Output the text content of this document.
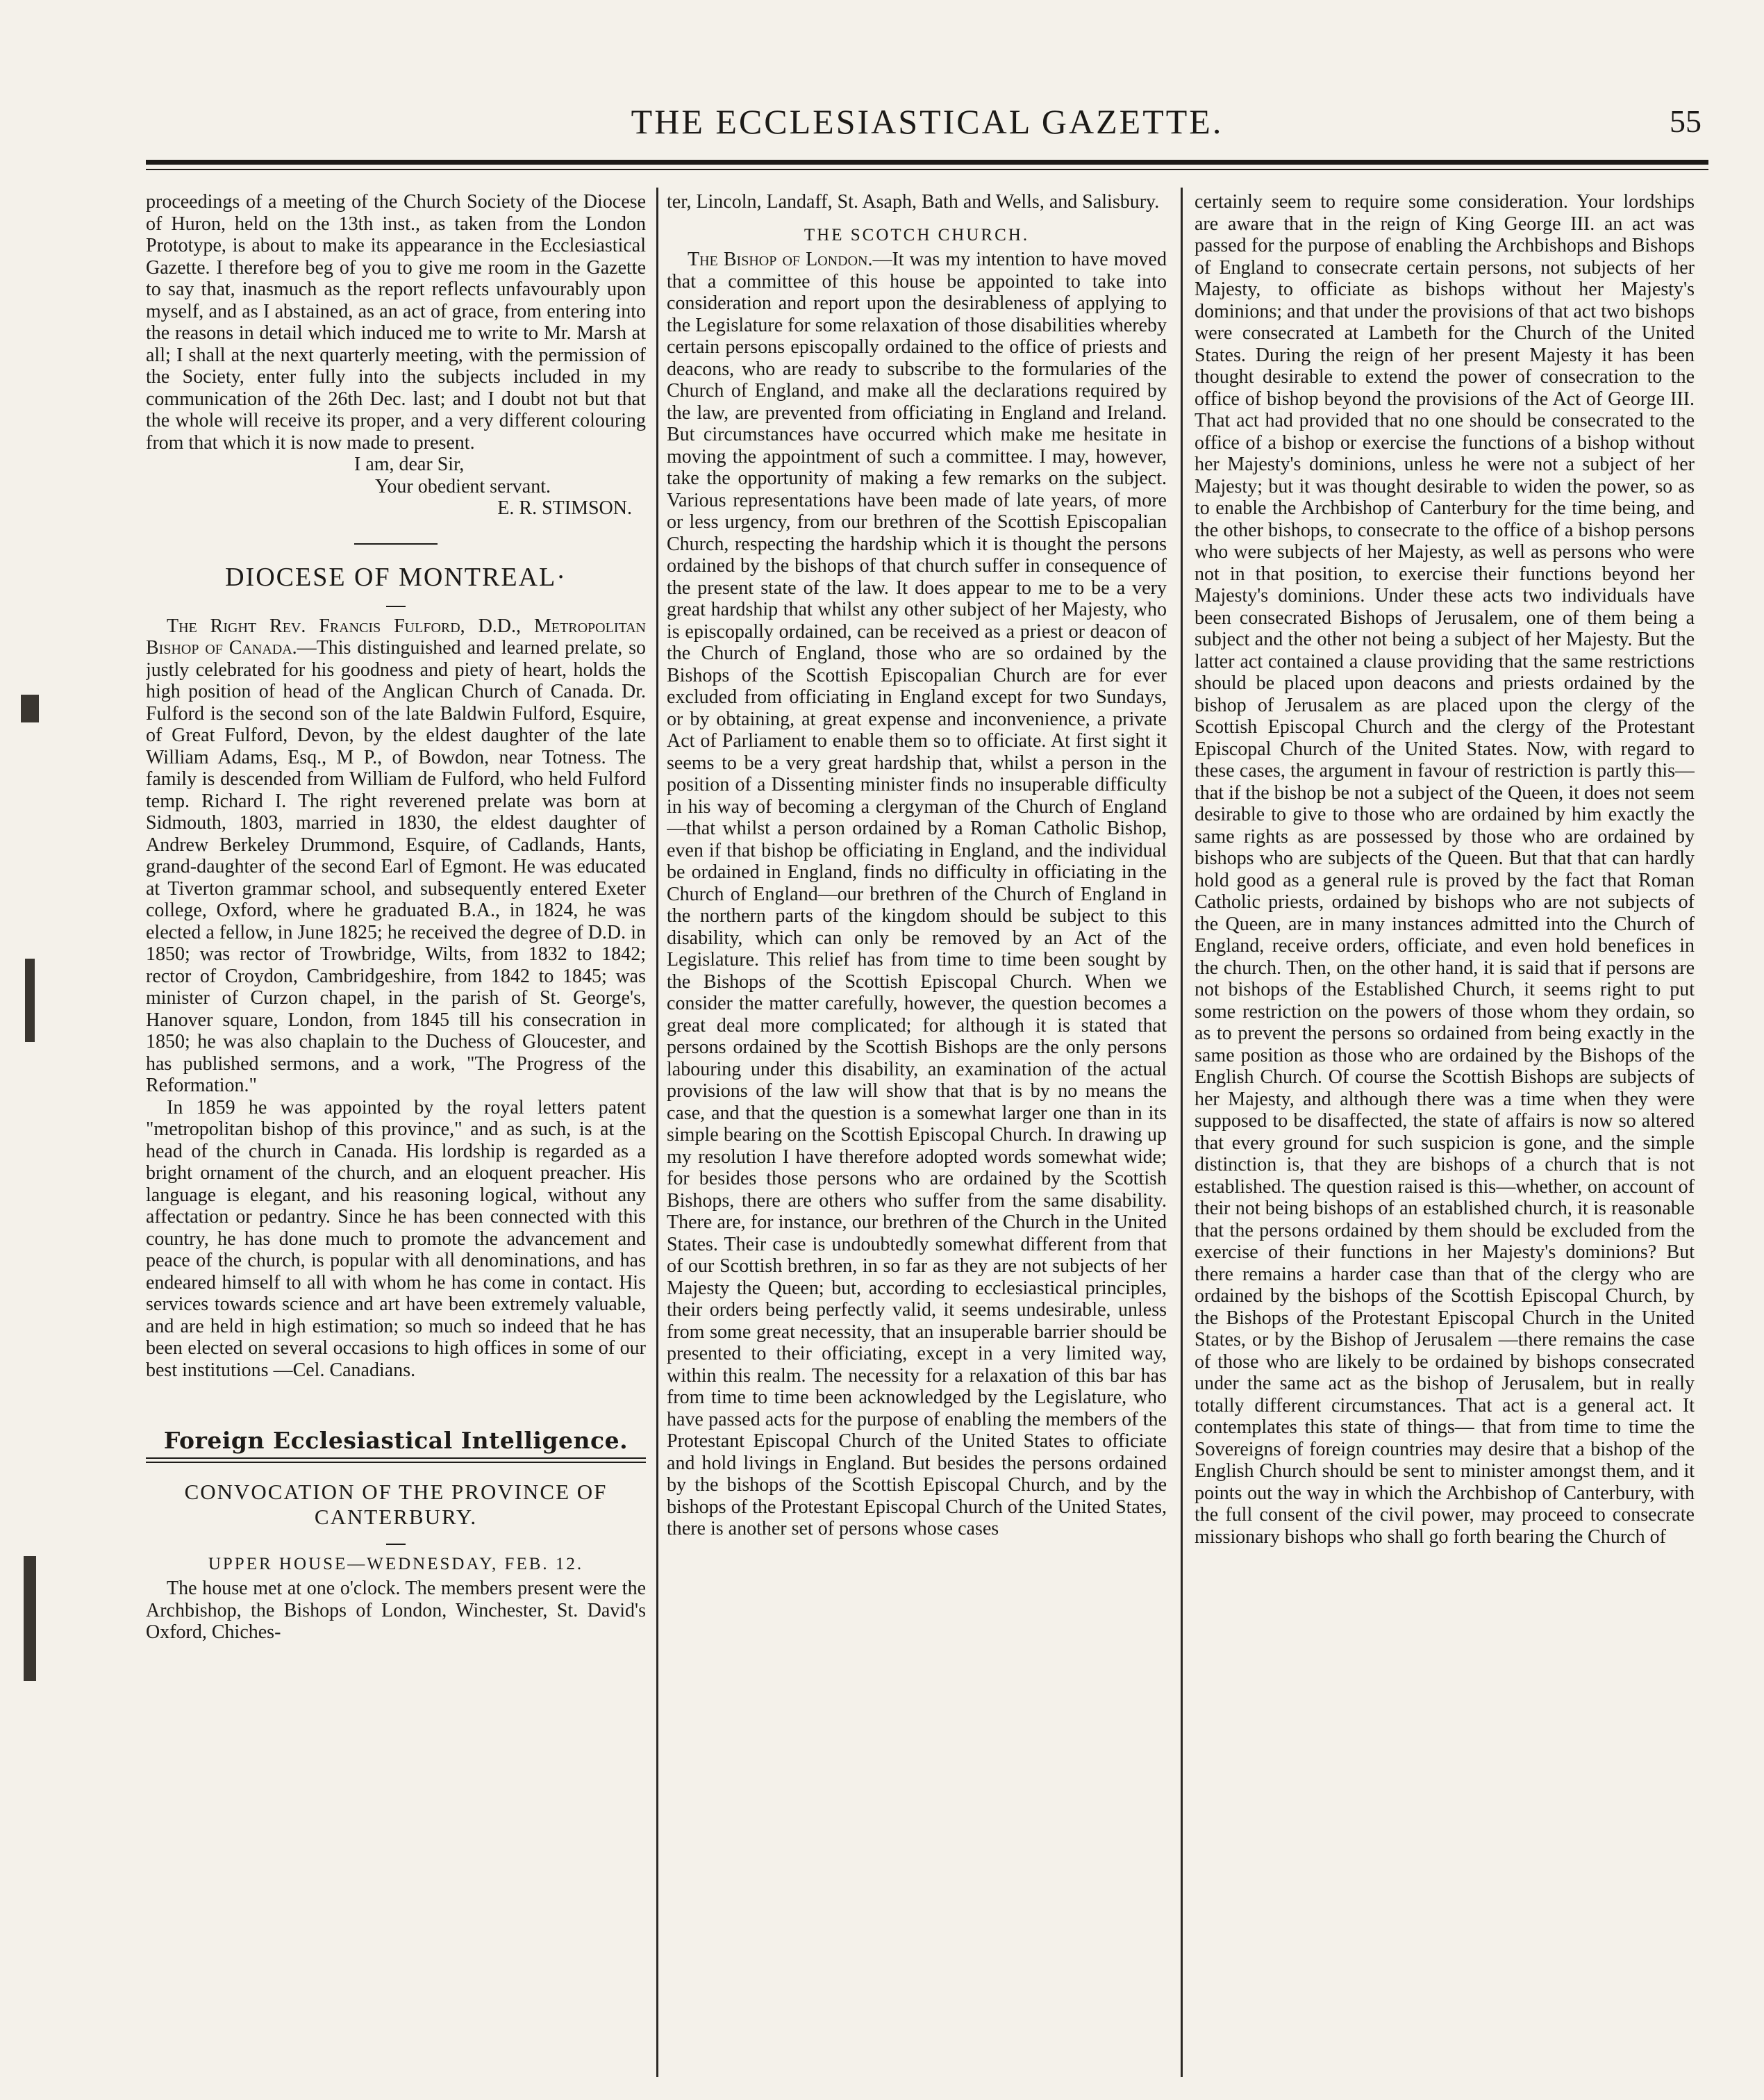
THE ECCLESIASTICAL GAZETTE.	55

proceedings of a meeting of the Church Society of the Diocese of Huron, held on the 13th inst., as taken from the London Prototype, is about to make its appearance in the Ecclesiastical Gazette. I therefore beg of you to give me room in the Gazette to say that, inasmuch as the report reflects unfavourably upon myself, and as I abstained, as an act of grace, from entering into the reasons in detail which induced me to write to Mr. Marsh at all; I shall at the next quarterly meeting, with the permission of the Society, enter fully into the subjects included in my communication of the 26th Dec. last; and I doubt not but that the whole will receive its proper, and a very different colouring from that which it is now made to present.

I am, dear Sir,

Your obedient servant.

E. R. STIMSON.

DIOCESE OF MONTREAL·

The Right Rev. Francis Fulford, D.D., Metropolitan Bishop of Canada.—This distinguished and learned prelate, so justly celebrated for his goodness and piety of heart, holds the high position of head of the Anglican Church of Canada. Dr. Fulford is the second son of the late Baldwin Fulford, Esquire, of Great Fulford, Devon, by the eldest daughter of the late William Adams, Esq., M P., of Bowdon, near Totness. The family is descended from William de Fulford, who held Fulford temp. Richard I. The right reverened prelate was born at Sidmouth, 1803, married in 1830, the eldest daughter of Andrew Berkeley Drummond, Esquire, of Cadlands, Hants, grand-daughter of the second Earl of Egmont. He was educated at Tiverton grammar school, and subsequently entered Exeter college, Oxford, where he graduated B.A., in 1824, he was elected a fellow, in June 1825; he received the degree of D.D. in 1850; was rector of Trowbridge, Wilts, from 1832 to 1842; rector of Croydon, Cambridgeshire, from 1842 to 1845; was minister of Curzon chapel, in the parish of St. George's, Hanover square, London, from 1845 till his consecration in 1850; he was also chaplain to the Duchess of Gloucester, and has published sermons, and a work, "The Progress of the Reformation."

In 1859 he was appointed by the royal letters patent "metropolitan bishop of this province," and as such, is at the head of the church in Canada. His lordship is regarded as a bright ornament of the church, and an eloquent preacher. His language is elegant, and his reasoning logical, without any affectation or pedantry. Since he has been connected with this country, he has done much to promote the advancement and peace of the church, is popular with all denominations, and has endeared himself to all with whom he has come in contact. His services towards science and art have been extremely valuable, and are held in high estimation; so much so indeed that he has been elected on several occasions to high offices in some of our best institutions —Cel. Canadians.

Foreign Ecclesiastical Intelligence.
CONVOCATION OF THE PROVINCE OF CANTERBURY.
UPPER HOUSE—WEDNESDAY, FEB. 12.

The house met at one o'clock. The members present were the Archbishop, the Bishops of London, Winchester, St. David's Oxford, Chiches-

ter, Lincoln, Landaff, St. Asaph, Bath and Wells, and Salisbury.

THE SCOTCH CHURCH.

The Bishop of London.—It was my intention to have moved that a committee of this house be appointed to take into consideration and report upon the desirableness of applying to the Legislature for some relaxation of those disabilities whereby certain persons episcopally ordained to the office of priests and deacons, who are ready to subscribe to the formularies of the Church of England, and make all the declarations required by the law, are prevented from officiating in England and Ireland. But circumstances have occurred which make me hesitate in moving the appointment of such a committee. I may, however, take the opportunity of making a few remarks on the subject. Various representations have been made of late years, of more or less urgency, from our brethren of the Scottish Episcopalian Church, respecting the hardship which it is thought the persons ordained by the bishops of that church suffer in consequence of the present state of the law. It does appear to me to be a very great hardship that whilst any other subject of her Majesty, who is episcopally ordained, can be received as a priest or deacon of the Church of England, those who are so ordained by the Bishops of the Scottish Episcopalian Church are for ever excluded from officiating in England except for two Sundays, or by obtaining, at great expense and inconvenience, a private Act of Parliament to enable them so to officiate. At first sight it seems to be a very great hardship that, whilst a person in the position of a Dissenting minister finds no insuperable difficulty in his way of becoming a clergyman of the Church of England—that whilst a person ordained by a Roman Catholic Bishop, even if that bishop be officiating in England, and the individual be ordained in England, finds no difficulty in officiating in the Church of England—our brethren of the Church of England in the northern parts of the kingdom should be subject to this disability, which can only be removed by an Act of the Legislature. This relief has from time to time been sought by the Bishops of the Scottish Episcopal Church. When we consider the matter carefully, however, the question becomes a great deal more complicated; for although it is stated that persons ordained by the Scottish Bishops are the only persons labouring under this disability, an examination of the actual provisions of the law will show that that is by no means the case, and that the question is a somewhat larger one than in its simple bearing on the Scottish Episcopal Church. In drawing up my resolution I have therefore adopted words somewhat wide; for besides those persons who are ordained by the Scottish Bishops, there are others who suffer from the same disability. There are, for instance, our brethren of the Church in the United States. Their case is undoubtedly somewhat different from that of our Scottish brethren, in so far as they are not subjects of her Majesty the Queen; but, according to ecclesiastical principles, their orders being perfectly valid, it seems undesirable, unless from some great necessity, that an insuperable barrier should be presented to their officiating, except in a very limited way, within this realm. The necessity for a relaxation of this bar has from time to time been acknowledged by the Legislature, who have passed acts for the purpose of enabling the members of the Protestant Episcopal Church of the United States to officiate and hold livings in England. But besides the persons ordained by the bishops of the Scottish Episcopal Church, and by the bishops of the Protestant Episcopal Church of the United States, there is another set of persons whose cases

certainly seem to require some consideration. Your lordships are aware that in the reign of King George III. an act was passed for the purpose of enabling the Archbishops and Bishops of England to consecrate certain persons, not subjects of her Majesty, to officiate as bishops without her Majesty's dominions; and that under the provisions of that act two bishops were consecrated at Lambeth for the Church of the United States. During the reign of her present Majesty it has been thought desirable to extend the power of consecration to the office of bishop beyond the provisions of the Act of George III. That act had provided that no one should be consecrated to the office of a bishop or exercise the functions of a bishop without her Majesty's dominions, unless he were not a subject of her Majesty; but it was thought desirable to widen the power, so as to enable the Archbishop of Canterbury for the time being, and the other bishops, to consecrate to the office of a bishop persons who were subjects of her Majesty, as well as persons who were not in that position, to exercise their functions beyond her Majesty's dominions. Under these acts two individuals have been consecrated Bishops of Jerusalem, one of them being a subject and the other not being a subject of her Majesty. But the latter act contained a clause providing that the same restrictions should be placed upon deacons and priests ordained by the bishop of Jerusalem as are placed upon the clergy of the Scottish Episcopal Church and the clergy of the Protestant Episcopal Church of the United States. Now, with regard to these cases, the argument in favour of restriction is partly this—that if the bishop be not a subject of the Queen, it does not seem desirable to give to those who are ordained by him exactly the same rights as are possessed by those who are ordained by bishops who are subjects of the Queen. But that that can hardly hold good as a general rule is proved by the fact that Roman Catholic priests, ordained by bishops who are not subjects of the Queen, are in many instances admitted into the Church of England, receive orders, officiate, and even hold benefices in the church. Then, on the other hand, it is said that if persons are not bishops of the Established Church, it seems right to put some restriction on the powers of those whom they ordain, so as to prevent the persons so ordained from being exactly in the same position as those who are ordained by the Bishops of the English Church. Of course the Scottish Bishops are subjects of her Majesty, and although there was a time when they were supposed to be disaffected, the state of affairs is now so altered that every ground for such suspicion is gone, and the simple distinction is, that they are bishops of a church that is not established. The question raised is this—whether, on account of their not being bishops of an established church, it is reasonable that the persons ordained by them should be excluded from the exercise of their functions in her Majesty's dominions? But there remains a harder case than that of the clergy who are ordained by the bishops of the Scottish Episcopal Church, by the Bishops of the Protestant Episcopal Church in the United States, or by the Bishop of Jerusalem —there remains the case of those who are likely to be ordained by bishops consecrated under the same act as the bishop of Jerusalem, but in really totally different circumstances. That act is a general act. It contemplates this state of things— that from time to time the Sovereigns of foreign countries may desire that a bishop of the English Church should be sent to minister amongst them, and it points out the way in which the Archbishop of Canterbury, with the full consent of the civil power, may proceed to consecrate missionary bishops who shall go forth bearing the Church of
